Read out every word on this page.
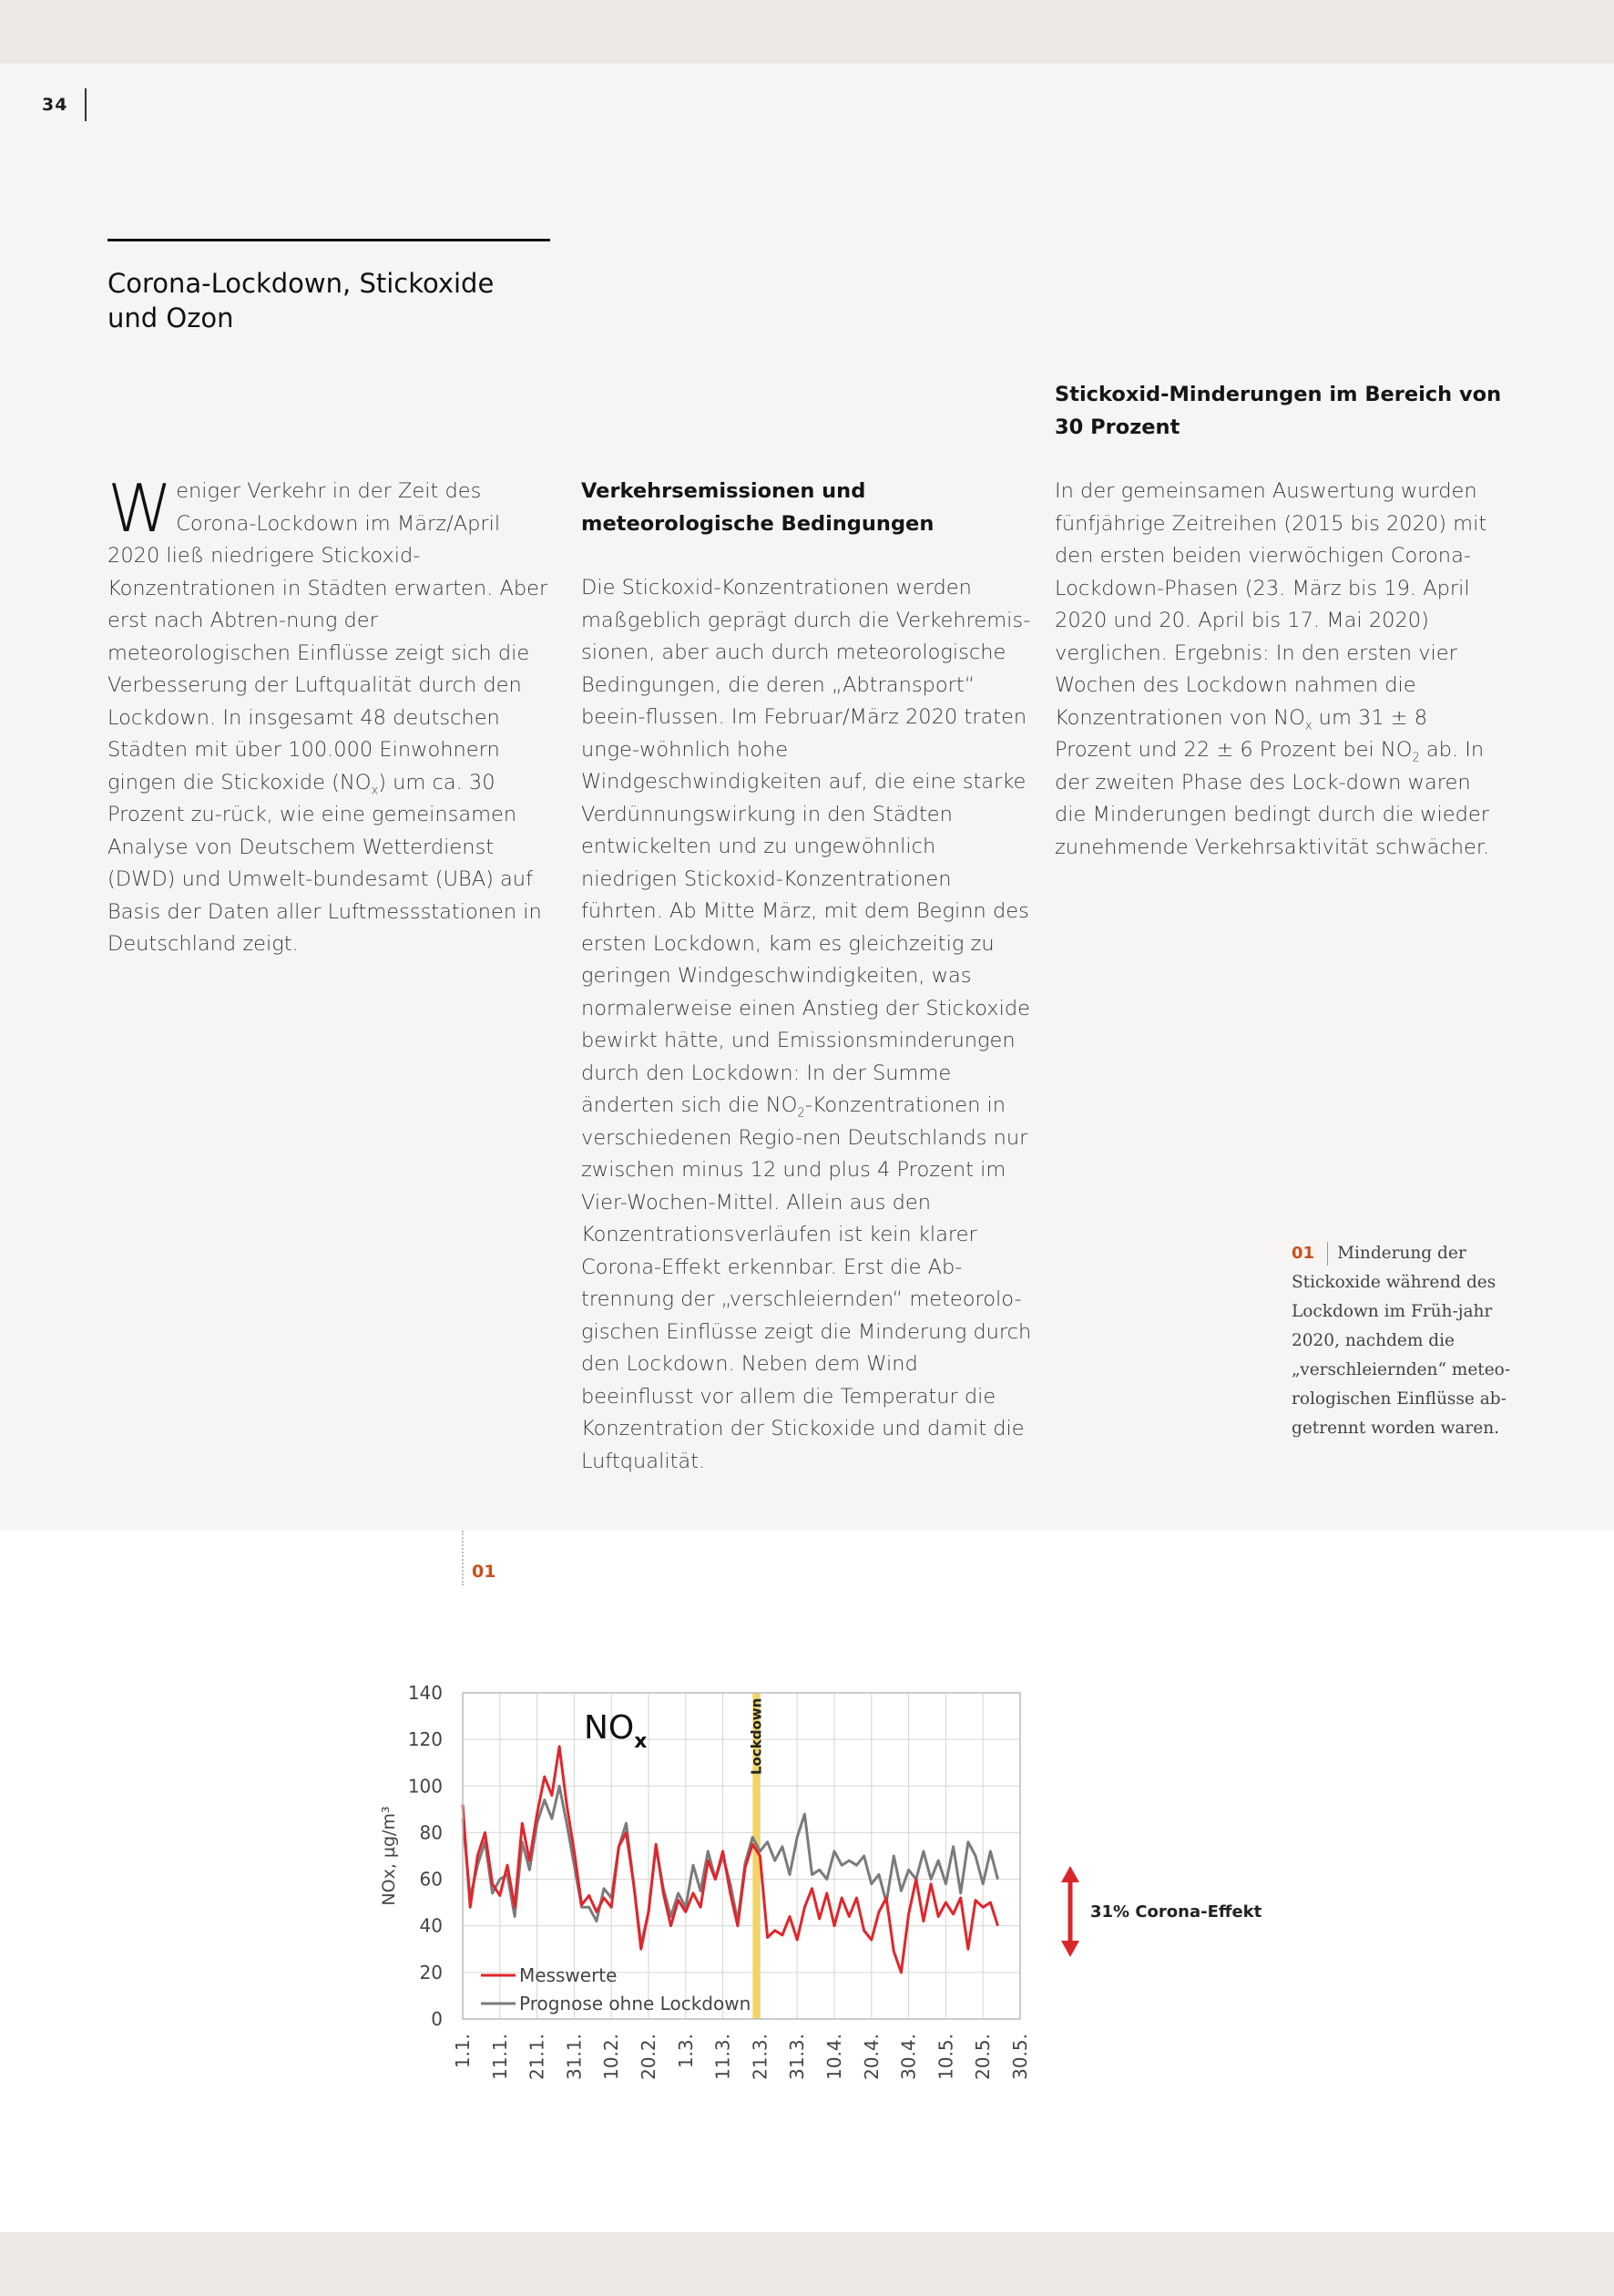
34
Corona-Lockdown, Stickoxide
und Ozon

Weniger Verkehr in der Zeit des Corona-Lockdown im März/April 2020 ließ niedrigere Stickoxid-Konzentrationen in Städten erwarten. Aber erst nach Abtren-nung der meteorologischen Einflüsse zeigt sich die Verbesserung der Luftqualität durch den Lockdown. In insgesamt 48 deutschen Städten mit über 100.000 Einwohnern gingen die Stickoxide $(NO_x)$ um ca. 30 Prozent zu-rück, wie eine gemeinsamen Analyse von Deutschem Wetterdienst (DWD) und Umwelt-bundesamt (UBA) auf Basis der Daten aller Luftmessstationen in Deutschland zeigt.

Verkehrsemissionen und meteorologische Bedingungen

Die Stickoxid-Konzentrationen werden maßgeblich geprägt durch die Verkehremis-sionen, aber auch durch meteorologische Bedingungen, die deren „Abtransport“ beein-flussen. Im Februar/März 2020 traten unge-wöhnlich hohe Windgeschwindigkeiten auf, die eine starke Verdünnungswirkung in den Städten entwickelten und zu ungewöhnlich niedrigen Stickoxid-Konzentrationen führten. Ab Mitte März, mit dem Beginn des ersten Lockdown, kam es gleichzeitig zu geringen Windgeschwindigkeiten, was normalerweise einen Anstieg der Stickoxide bewirkt hätte, und Emissionsminderungen durch den Lockdown: In der Summe änderten sich die $NO_2$-Konzentrationen in verschiedenen Regio-nen Deutschlands nur zwischen minus 12 und plus 4 Prozent im Vier-Wochen-Mittel. Allein aus den Konzentrationsverläufen ist kein klarer Corona-Effekt erkennbar. Erst die Ab-trennung der „verschleiernden“ meteorolo-gischen Einflüsse zeigt die Minderung durch den Lockdown. Neben dem Wind beeinflusst vor allem die Temperatur die Konzentration der Stickoxide und damit die Luftqualität.

Stickoxid-Minderungen im Bereich von 30 Prozent

In der gemeinsamen Auswertung wurden fünfjährige Zeitreihen (2015 bis 2020) mit den ersten beiden vierwöchigen Corona-Lockdown-Phasen (23. März bis 19. April 2020 und 20. April bis 17. Mai 2020) verglichen. Ergebnis: In den ersten vier Wochen des Lockdown nahmen die Konzentrationen von $NO_x$ um 31 ± 8 Prozent und 22 ± 6 Prozent bei $NO_2$ ab. In der zweiten Phase des Lock-down waren die Minderungen bedingt durch die wieder zunehmende Verkehrsaktivität schwächer.

01 Minderung der Stickoxide während des Lockdown im Früh-jahr 2020, nachdem die „verschleiernden“ meteo-rologischen Einflüsse ab-getrennt worden waren.
01
Lockdown
0
20
40
60
80
100
120
140
1.1. 11.1. 21.1. 31.1. 10.2. 20.2. 1.3. 11.3. 21.3. 31.3. 10.4. 20.4. 30.4. 10.5. 20.5. 30.5.
NOx, µg/m³
$NO_x$
Messwerte
Prognose ohne Lockdown
31% Corona-Effekt
